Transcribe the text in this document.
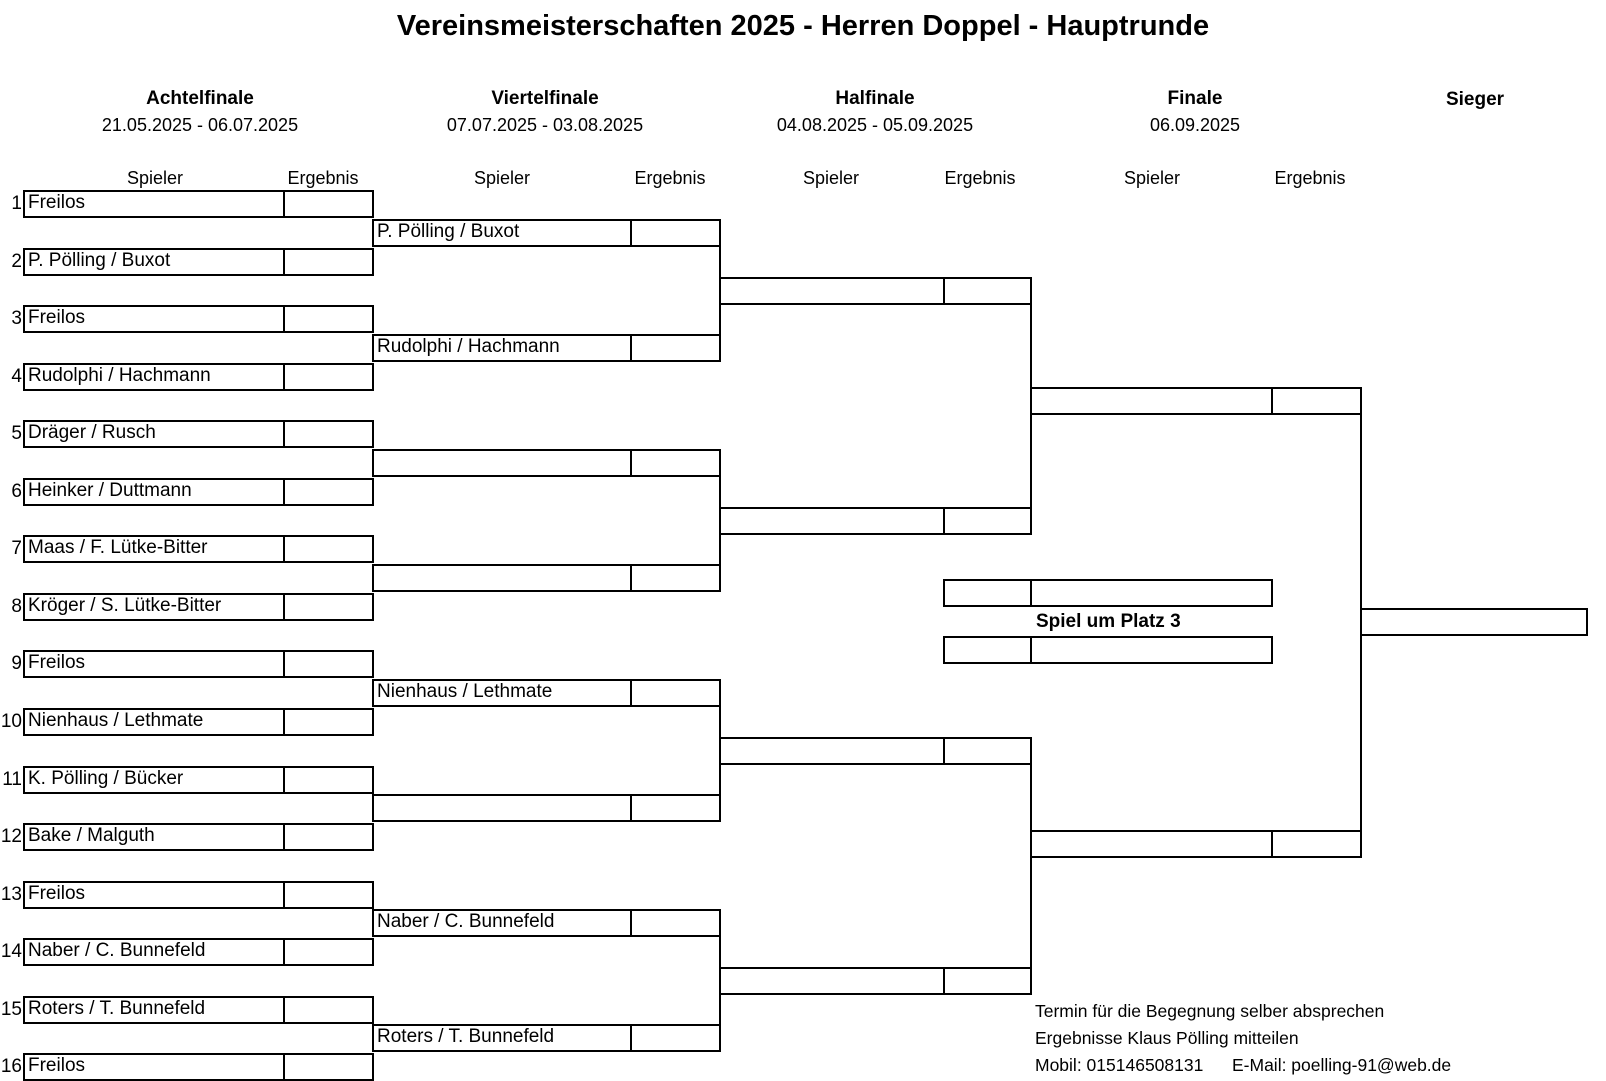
Vereinsmeisterschaften 2025 - Herren Doppel - Hauptrunde
Achtelfinale
21.05.2025 - 06.07.2025
Viertelfinale
07.07.2025 - 03.08.2025
Halfinale
04.08.2025 - 05.09.2025
Finale
06.09.2025
Sieger
Spieler	Ergebnis	Spieler	Ergebnis	Spieler	Ergebnis	Spieler	Ergebnis
1 Freilos
2 P. Pölling / Buxot
3 Freilos
4 Rudolphi / Hachmann
5 Dräger / Rusch
6 Heinker / Duttmann
7 Maas / F. Lütke-Bitter
8 Kröger / S. Lütke-Bitter
9 Freilos
10 Nienhaus / Lethmate
11 K. Pölling / Bücker
12 Bake / Malguth
13 Freilos
14 Naber / C. Bunnefeld
15 Roters / T. Bunnefeld
16 Freilos
P. Pölling / Buxot
Rudolphi / Hachmann
Nienhaus / Lethmate
Naber / C. Bunnefeld
Roters / T. Bunnefeld
Spiel um Platz 3
Termin für die Begegnung selber absprechen
Ergebnisse Klaus Pölling mitteilen
Mobil: 015146508131 E-Mail: poelling-91@web.de
